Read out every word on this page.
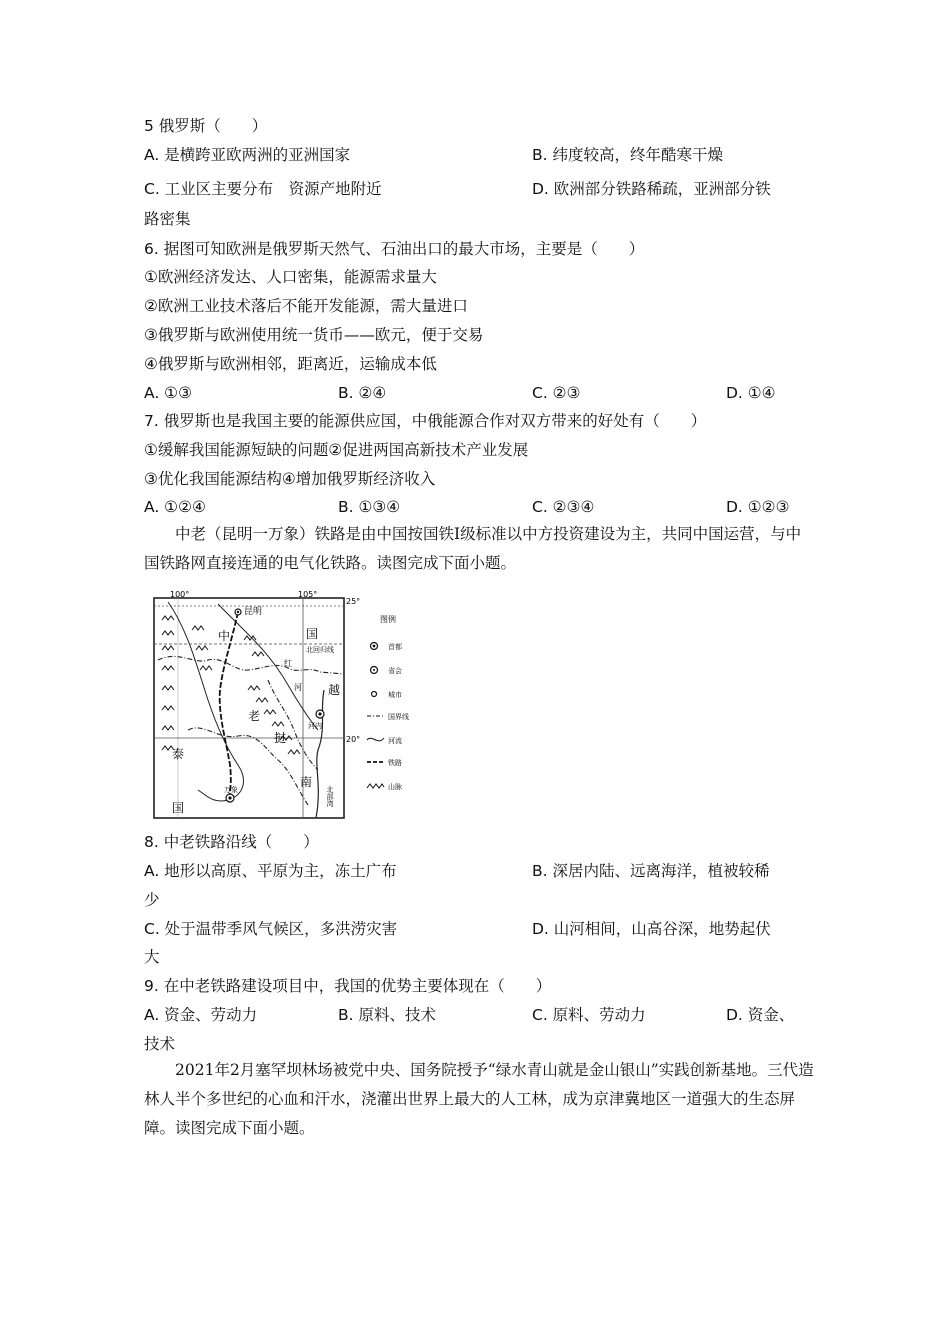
5 俄罗斯（　　）
A. 是横跨亚欧两洲的亚洲国家	B. 纬度较高，终年酷寒干燥
C. 工业区主要分布　资源产地附近	D. 欧洲部分铁路稀疏，亚洲部分铁
路密集
6. 据图可知欧洲是俄罗斯天然气、石油出口的最大市场，主要是（　　）
①欧洲经济发达、人口密集，能源需求量大
②欧洲工业技术落后不能开发能源，需大量进口
③俄罗斯与欧洲使用统一货币——欧元，便于交易
④俄罗斯与欧洲相邻，距离近，运输成本低
A. ①③	B. ②④	C. ②③	D. ①④
7. 俄罗斯也是我国主要的能源供应国，中俄能源合作对双方带来的好处有（　　）
①缓解我国能源短缺的问题②促进两国高新技术产业发展
③优化我国能源结构④增加俄罗斯经济收入
A. ①②④	B. ①③④	C. ②③④	D. ①②③
中老（昆明一万象）铁路是由中国按国铁Ⅰ级标准以中方投资建设为主，共同中国运营，与中国铁路网直接连通的电气化铁路。读图完成下面小题。
100°	105°
25°
20°
昆明
中	国
北回归线
越
南
河内
老
挝
泰
国
万象	北部湾
红
河
图例
首都
省会
城市
国界线
河流
铁路
山脉
8. 中老铁路沿线（　　）
A. 地形以高原、平原为主，冻土广布	B. 深居内陆、远离海洋，植被较稀
少
C. 处于温带季风气候区，多洪涝灾害	D. 山河相间，山高谷深，地势起伏
大
9. 在中老铁路建设项目中，我国的优势主要体现在（　　）
A. 资金、劳动力	B. 原料、技术	C. 原料、劳动力	D. 资金、
技术
2021年2月塞罕坝林场被党中央、国务院授予“绿水青山就是金山银山”实践创新基地。三代造林人半个多世纪的心血和汗水，浇灌出世界上最大的人工林，成为京津冀地区一道强大的生态屏障。读图完成下面小题。
